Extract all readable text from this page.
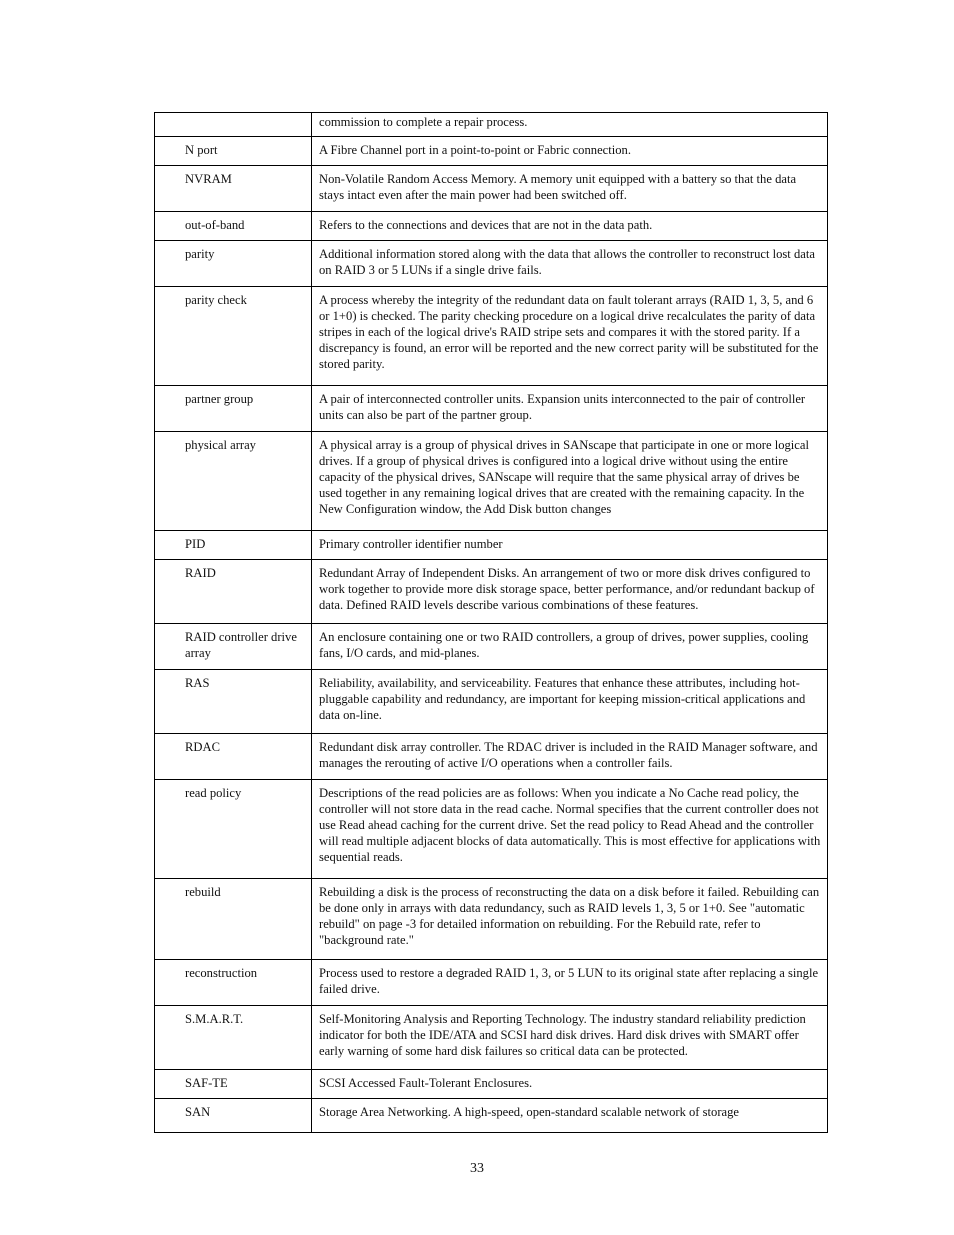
	commission to complete a repair process.
N port	A Fibre Channel port in a point-to-point or Fabric connection.
NVRAM	Non-Volatile Random Access Memory. A memory unit equipped with a battery so that the data stays intact even after the main power had been switched off.
out-of-band	Refers to the connections and devices that are not in the data path.
parity	Additional information stored along with the data that allows the controller to reconstruct lost data on RAID 3 or 5 LUNs if a single drive fails.
parity check	A process whereby the integrity of the redundant data on fault tolerant arrays (RAID 1, 3, 5, and 6 or 1+0) is checked. The parity checking procedure on a logical drive recalculates the parity of data stripes in each of the logical drive's RAID stripe sets and compares it with the stored parity. If a discrepancy is found, an error will be reported and the new correct parity will be substituted for the stored parity.
partner group	A pair of interconnected controller units. Expansion units interconnected to the pair of controller units can also be part of the partner group.
physical array	A physical array is a group of physical drives in SANscape that participate in one or more logical drives. If a group of physical drives is configured into a logical drive without using the entire capacity of the physical drives, SANscape will require that the same physical array of drives be used together in any remaining logical drives that are created with the remaining capacity. In the New Configuration window, the Add Disk button changes
PID	Primary controller identifier number
RAID	Redundant Array of Independent Disks. An arrangement of two or more disk drives configured to work together to provide more disk storage space, better performance, and/or redundant backup of data. Defined RAID levels describe various combinations of these features.
RAID controller drive array	An enclosure containing one or two RAID controllers, a group of drives, power supplies, cooling fans, I/O cards, and mid-planes.
RAS	Reliability, availability, and serviceability. Features that enhance these attributes, including hot-pluggable capability and redundancy, are important for keeping mission-critical applications and data on-line.
RDAC	Redundant disk array controller. The RDAC driver is included in the RAID Manager software, and manages the rerouting of active I/O operations when a controller fails.
read policy	Descriptions of the read policies are as follows: When you indicate a No Cache read policy, the controller will not store data in the read cache. Normal specifies that the current controller does not use Read ahead caching for the current drive. Set the read policy to Read Ahead and the controller will read multiple adjacent blocks of data automatically. This is most effective for applications with sequential reads.
rebuild	Rebuilding a disk is the process of reconstructing the data on a disk before it failed. Rebuilding can be done only in arrays with data redundancy, such as RAID levels 1, 3, 5 or 1+0. See "automatic rebuild" on page -3 for detailed information on rebuilding. For the Rebuild rate, refer to "background rate."
reconstruction	Process used to restore a degraded RAID 1, 3, or 5 LUN to its original state after replacing a single failed drive.
S.M.A.R.T.	Self-Monitoring Analysis and Reporting Technology. The industry standard reliability prediction indicator for both the IDE/ATA and SCSI hard disk drives. Hard disk drives with SMART offer early warning of some hard disk failures so critical data can be protected.
SAF-TE	SCSI Accessed Fault-Tolerant Enclosures.
SAN	Storage Area Networking. A high-speed, open-standard scalable network of storage
33
